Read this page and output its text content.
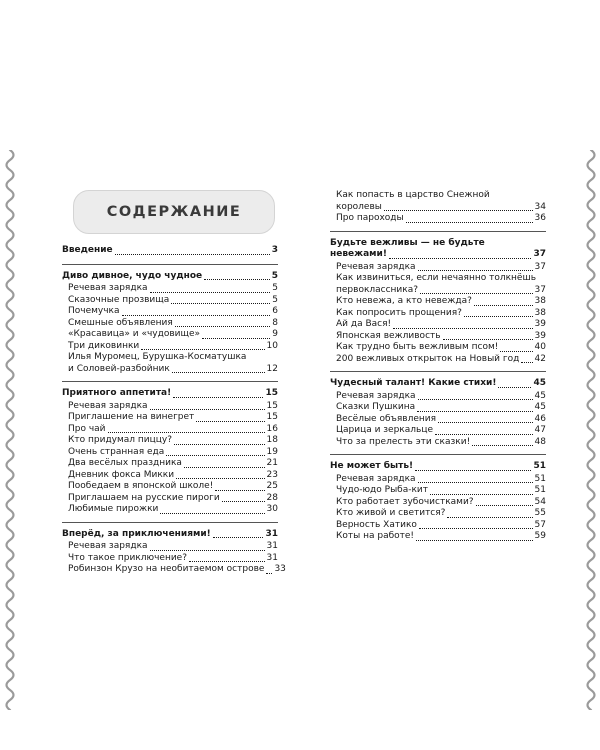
СОДЕРЖАНИЕ
Введение	3
Диво дивное, чудо чудное	5
Речевая зарядка	5
Сказочные прозвища	5
Почемучка	6
Смешные объявления	8
«Красавица» и «чудовище»	9
Три диковинки	10
Илья Муромец, Бурушка-Косматушка
и Соловей-разбойник	12
Приятного аппетита!	15
Речевая зарядка	15
Приглашение на винегрет	15
Про чай	16
Кто придумал пиццу?	18
Очень странная еда	19
Два весёлых праздника	21
Дневник фокса Микки	23
Пообедаем в японской школе!	25
Приглашаем на русские пироги	28
Любимые пирожки	30
Вперёд, за приключениями!	31
Речевая зарядка	31
Что такое приключение?	31
Робинзон Крузо на необитаемом острове 33
Как попасть в царство Снежной
королевы	34
Про пароходы	36
Будьте вежливы — не будьте
невежами!	37
Речевая зарядка	37
Как извиниться, если нечаянно толкнёшь
первоклассника?	37
Кто невежа, а кто невежда?	38
Как попросить прощения?	38
Ай да Вася!	39
Японская вежливость	39
Как трудно быть вежливым псом!	40
200 вежливых открыток на Новый год 42
Чудесный талант! Какие стихи!	45
Речевая зарядка	45
Сказки Пушкина	45
Весёлые объявления	46
Царица и зеркальце	47
Что за прелесть эти сказки!	48
Не может быть!	51
Речевая зарядка	51
Чудо-юдо Рыба-кит	51
Кто работает зубочистками?	54
Кто живой и светится?	55
Верность Хатико	57
Коты на работе!	59
